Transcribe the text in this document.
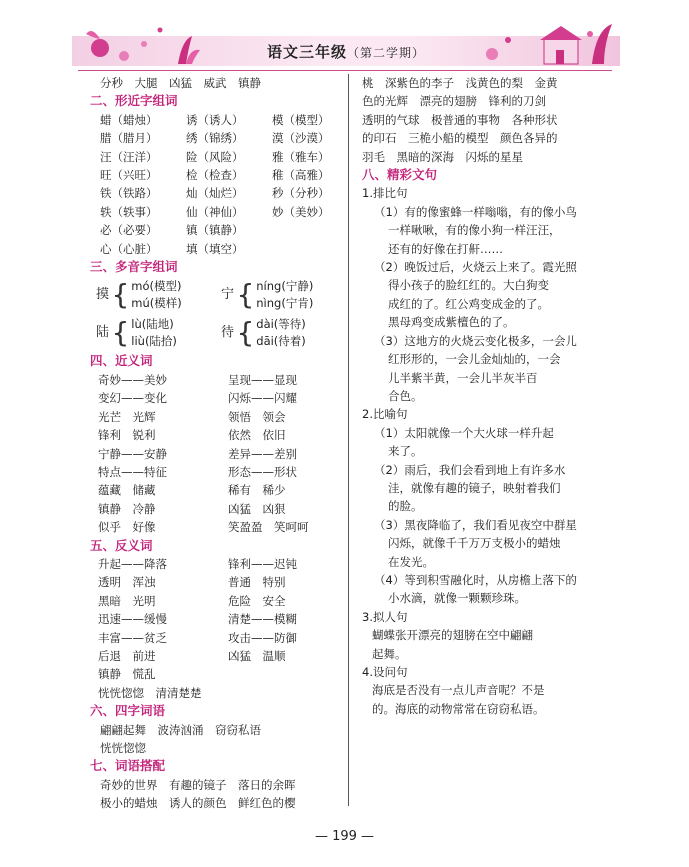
语文三年级（第二学期）
分秒　大腿　凶猛　威武　镇静
二、形近字组词
蜡（蜡烛）	诱（诱人）	模（模型）
腊（腊月）	绣（锦绣）	漠（沙漠）
汪（汪洋）	险（风险）	雅（雅车）
旺（兴旺）	检（检查）	稚（高雅）
铁（铁路）	灿（灿烂）	秒（分秒）
轶（轶事）	仙（神仙）	妙（美妙）
必（必要）	镇（镇静）
心（心脏）	填（填空）
三、多音字组词
摸 { mó(模型)
mú(模样)
宁 { níng(宁静)
nìng(宁肯)
陆 { lù(陆地)
liù(陆拾)
待 { dài(等待)
dāi(待着)
四、近义词
奇妙——美妙	呈现——显现
变幻——变化	闪烁——闪耀
光芒　光辉	领悟　领会
锋利　锐利	依然　依旧
宁静——安静	差异——差别
特点——特征	形态——形状
蕴藏　储藏	稀有　稀少
镇静　冷静	凶猛　凶狠
似乎　好像	笑盈盈　笑呵呵
五、反义词
升起——降落	锋利——迟钝
透明　浑浊	普通　特别
黑暗　光明	危险　安全
迅速——缓慢	清楚——模糊
丰富——贫乏	攻击——防御
后退　前进	凶猛　温顺
镇静　慌乱
恍恍惚惚　清清楚楚
六、四字词语
翩翩起舞　波涛汹涌　窃窃私语
恍恍惚惚
七、词语搭配
奇妙的世界　有趣的镜子　落日的余晖
极小的蜡烛　诱人的颜色　鲜红色的樱
桃　深紫色的李子　浅黄色的梨　金黄
色的光辉　漂亮的翅膀　锋利的刀剑
透明的气球　极普通的事物　各种形状
的印石　三桅小船的模型　颜色各异的
羽毛　黑暗的深海　闪烁的星星
八、精彩文句
1.排比句
（1）有的像蜜蜂一样嗡嗡，有的像小鸟
一样啾啾，有的像小狗一样汪汪，
还有的好像在打鼾……
（2）晚饭过后，火烧云上来了。霞光照
得小孩子的脸红红的。大白狗变
成红的了。红公鸡变成金的了。
黑母鸡变成紫檀色的了。
（3）这地方的火烧云变化极多，一会儿
红形形的，一会儿金灿灿的，一会
儿半紫半黄，一会儿半灰半百
合色。
2.比喻句
（1）太阳就像一个大火球一样升起
来了。
（2）雨后，我们会看到地上有许多水
洼，就像有趣的镜子，映射着我们
的脸。
（3）黑夜降临了，我们看见夜空中群星
闪烁，就像千千万万支极小的蜡烛
在发光。
（4）等到积雪融化时，从房檐上落下的
小水滴，就像一颗颗珍珠。
3.拟人句
蝴蝶张开漂亮的翅膀在空中翩翩
起舞。
4.设问句
海底是否没有一点儿声音呢？不是
的。海底的动物常常在窃窃私语。
— 199 —
